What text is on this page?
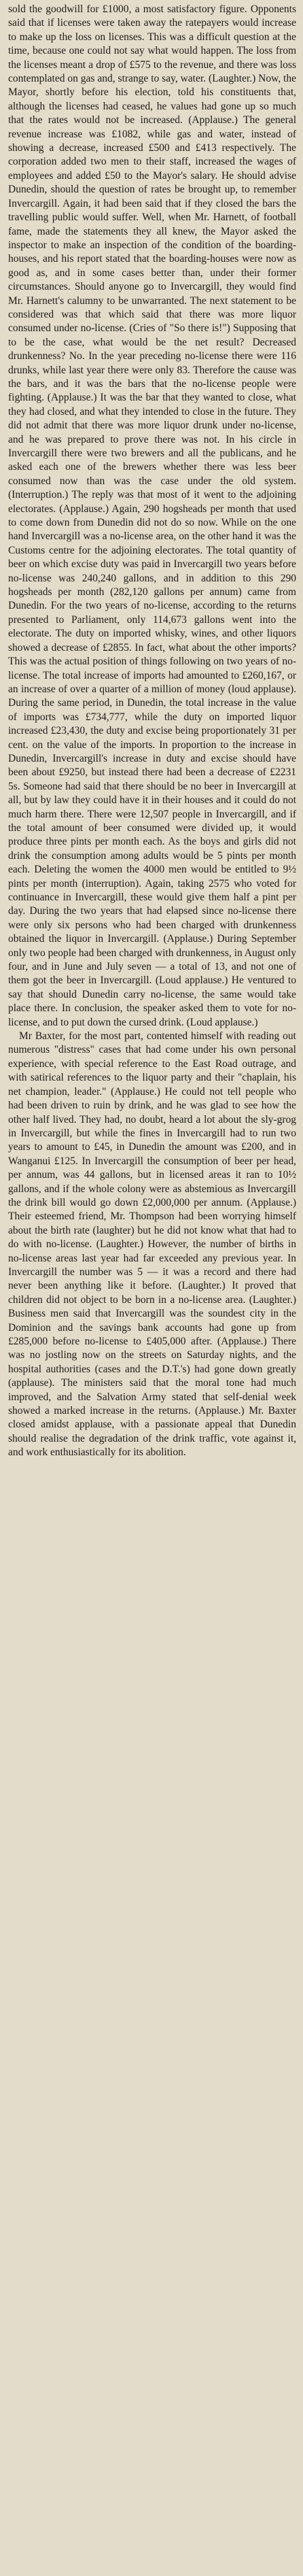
sold the goodwill for £1000, a most satisfactory figure. Opponents said that if licenses were taken away the ratepayers would increase to make up the loss on licenses. This was a difficult question at the time, because one could not say what would happen. The loss from the licenses meant a drop of £575 to the revenue, and there was loss contemplated on gas and, strange to say, water. (Laughter.) Now, the Mayor, shortly before his election, told his constituents that, although the licenses had ceased, he values had gone up so much that the rates would not be increased. (Applause.) The general revenue increase was £1082, while gas and water, instead of showing a decrease, increased £500 and £413 respectively. The corporation added two men to their staff, increased the wages of employees and added £50 to the Mayor's salary. He should advise Dunedin, should the question of rates be brought up, to remember Invercargill. Again, it had been said that if they closed the bars the travelling public would suffer. Well, when Mr. Harnett, of football fame, made the statements they all knew, the Mayor asked the inspector to make an inspection of the condition of the boarding-houses, and his report stated that the boarding-houses were now as good as, and in some cases better than, under their former circumstances. Should anyone go to Invercargill, they would find Mr. Harnett's calumny to be unwarranted. The next statement to be considered was that which said that there was more liquor consumed under no-license. (Cries of "So there is!") Supposing that to be the case, what would be the net result? Decreased drunkenness? No. In the year preceding no-license there were 116 drunks, while last year there were only 83. Therefore the cause was the bars, and it was the bars that the no-license people were fighting. (Applause.) It was the bar that they wanted to close, what they had closed, and what they intended to close in the future. They did not admit that there was more liquor drunk under no-license, and he was prepared to prove there was not. In his circle in Invercargill there were two brewers and all the publicans, and he asked each one of the brewers whether there was less beer consumed now than was the case under the old system. (Interruption.) The reply was that most of it went to the adjoining electorates. (Applause.) Again, 290 hogsheads per month that used to come down from Dunedin did not do so now. While on the one hand Invercargill was a no-license area, on the other hand it was the Customs centre for the adjoining electorates. The total quantity of beer on which excise duty was paid in Invercargill two years before no-license was 240,240 gallons, and in addition to this 290 hogsheads per month (282,120 gallons per annum) came from Dunedin. For the two years of no-license, according to the returns presented to Parliament, only 114,673 gallons went into the electorate. The duty on imported whisky, wines, and other liquors showed a decrease of £2855. In fact, what about the other imports? This was the actual position of things following on two years of no-license. The total increase of imports had amounted to £260,167, or an increase of over a quarter of a million of money (loud applause). During the same period, in Dunedin, the total increase in the value of imports was £734,777, while the duty on imported liquor increased £23,430, the duty and excise being proportionately 31 per cent. on the value of the imports. In proportion to the increase in Dunedin, Invercargill's increase in duty and excise should have been about £9250, but instead there had been a decrease of £2231 5s. Someone had said that there should be no beer in Invercargill at all, but by law they could have it in their houses and it could do not much harm there. There were 12,507 people in Invercargill, and if the total amount of beer consumed were divided up, it would produce three pints per month each. As the boys and girls did not drink the consumption among adults would be 5 pints per month each. Deleting the women the 4000 men would be entitled to 9½ pints per month (interruption). Again, taking 2575 who voted for continuance in Invercargill, these would give them half a pint per day. During the two years that had elapsed since no-license there were only six persons who had been charged with drunkenness obtained the liquor in Invercargill. (Applause.) During September only two people had been charged with drunkenness, in August only four, and in June and July seven — a total of 13, and not one of them got the beer in Invercargill. (Loud applause.) He ventured to say that should Dunedin carry no-license, the same would take place there. In conclusion, the speaker asked them to vote for no-license, and to put down the cursed drink. (Loud applause.)

Mr Baxter, for the most part, contented himself with reading out numerous "distress" cases that had come under his own personal experience, with special reference to the East Road outrage, and with satirical references to the liquor party and their "chaplain, his net champion, leader." (Applause.) He could not tell people who had been driven to ruin by drink, and he was glad to see how the other half lived. They had, no doubt, heard a lot about the sly-grog in Invercargill, but while the fines in Invercargill had to run two years to amount to £45, in Dunedin the amount was £200, and in Wanganui £125. In Invercargill the consumption of beer per head, per annum, was 44 gallons, but in licensed areas it ran to 10½ gallons, and if the whole colony were as abstemious as Invercargill the drink bill would go down £2,000,000 per annum. (Applause.) Their esteemed friend, Mr. Thompson had been worrying himself about the birth rate (laughter) but he did not know what that had to do with no-license. (Laughter.) However, the number of births in no-license areas last year had far exceeded any previous year. In Invercargill the number was 5 — it was a record and there had never been anything like it before. (Laughter.) It proved that children did not object to be born in a no-license area. (Laughter.) Business men said that Invercargill was the soundest city in the Dominion and the savings bank accounts had gone up from £285,000 before no-license to £405,000 after. (Applause.) There was no jostling now on the streets on Saturday nights, and the hospital authorities (cases and the D.T.'s) had gone down greatly (applause). The ministers said that the moral tone had much improved, and the Salvation Army stated that self-denial week showed a marked increase in the returns. (Applause.) Mr. Baxter closed amidst applause, with a passionate appeal that Dunedin should realise the degradation of the drink traffic, vote against it, and work enthusiastically for its abolition.
